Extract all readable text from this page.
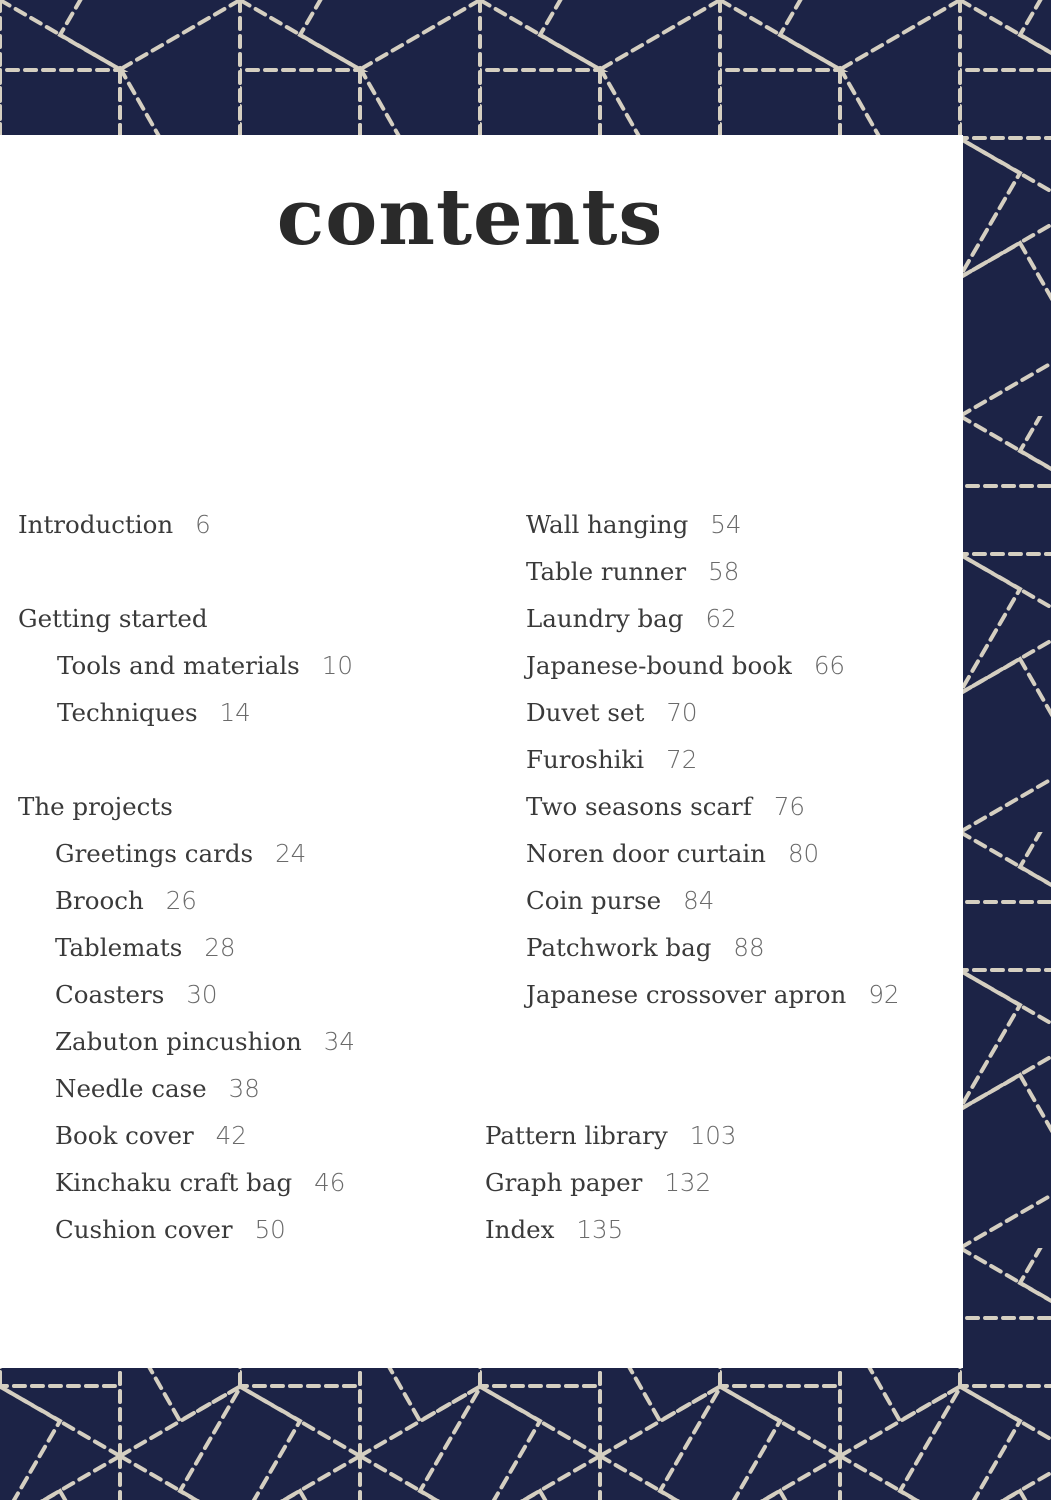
contents

Introduction 6

Getting started

Tools and materials 10

Techniques 14

The projects

Greetings cards 24

Brooch 26

Tablemats 28

Coasters 30

Zabuton pincushion 34

Needle case 38

Book cover 42

Kinchaku craft bag 46

Cushion cover 50

Wall hanging 54

Table runner 58

Laundry bag 62

Japanese-bound book 66

Duvet set 70

Furoshiki 72

Two seasons scarf 76

Noren door curtain 80

Coin purse 84

Patchwork bag 88

Japanese crossover apron 92

Pattern library 103

Graph paper 132

Index 135
